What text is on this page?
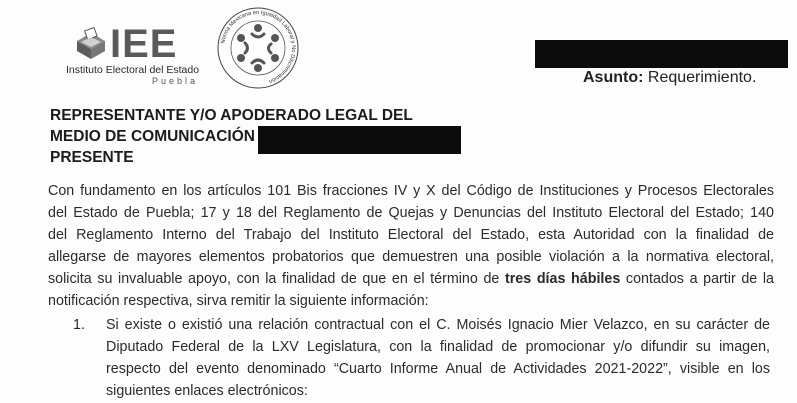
IEE
Instituto Electoral del Estado
Puebla
Norma Mexicana en Igualdad Laboral y No Discriminación	Asunto: Requerimiento.
REPRESENTANTE Y/O APODERADO LEGAL DEL
MEDIO DE COMUNICACIÓN
PRESENTE
Con fundamento en los artículos 101 Bis fracciones IV y X del Código de Instituciones y Procesos Electorales
del Estado de Puebla; 17 y 18 del Reglamento de Quejas y Denuncias del Instituto Electoral del Estado; 140
del Reglamento Interno del Trabajo del Instituto Electoral del Estado, esta Autoridad con la finalidad de
allegarse de mayores elementos probatorios que demuestren una posible violación a la normativa electoral,
solicita su invaluable apoyo, con la finalidad de que en el término de tres días hábiles contados a partir de la
notificación respectiva, sirva remitir la siguiente información:
1. Si existe o existió una relación contractual con el C. Moisés Ignacio Mier Velazco, en su carácter de
Diputado Federal de la LXV Legislatura, con la finalidad de promocionar y/o difundir su imagen,
respecto del evento denominado “Cuarto Informe Anual de Actividades 2021-2022”, visible en los
siguientes enlaces electrónicos:
